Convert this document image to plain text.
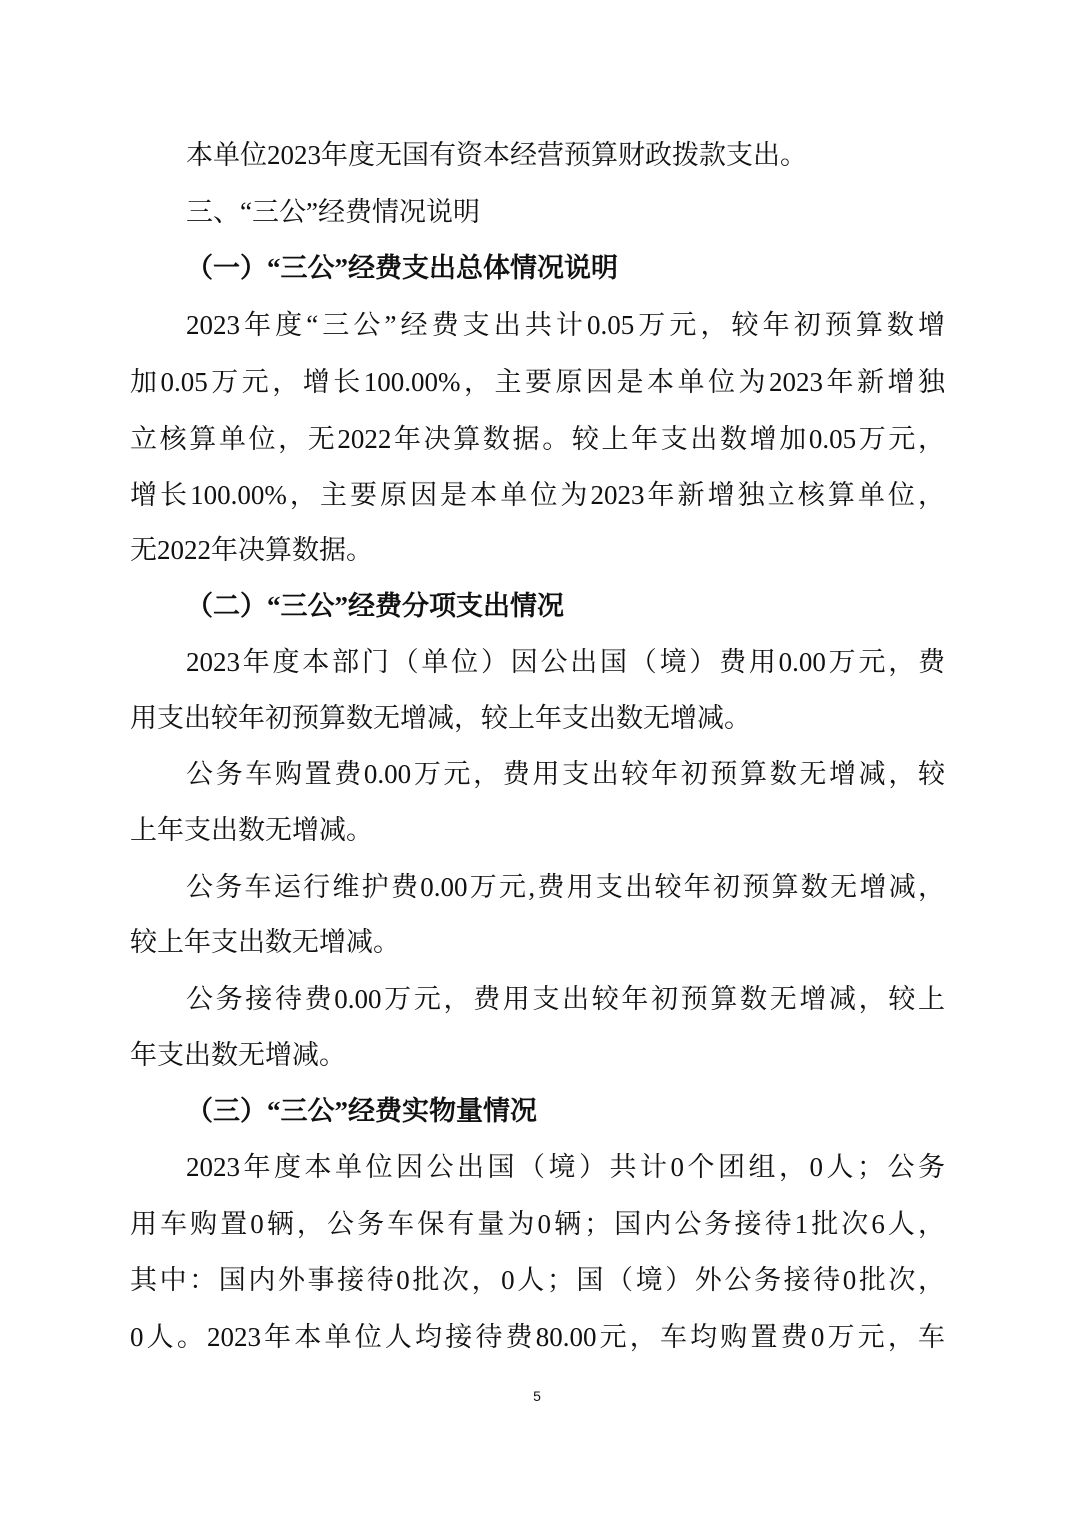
本单位2023年度无国有资本经营预算财政拨款支出。
三、“三公”经费情况说明
（一）“三公”经费支出总体情况说明
2023年度“三公”经费支出共计0.05万元，较年初预算数增
加0.05万元，增长100.00%，主要原因是本单位为2023年新增独
立核算单位，无2022年决算数据。较上年支出数增加0.05万元，
增长100.00%，主要原因是本单位为2023年新增独立核算单位，
无2022年决算数据。
（二）“三公”经费分项支出情况
2023年度本部门（单位）因公出国（境）费用0.00万元，费
用支出较年初预算数无增减，较上年支出数无增减。
公务车购置费0.00万元，费用支出较年初预算数无增减，较
上年支出数无增减。
公务车运行维护费0.00万元,费用支出较年初预算数无增减，
较上年支出数无增减。
公务接待费0.00万元，费用支出较年初预算数无增减，较上
年支出数无增减。
（三）“三公”经费实物量情况
2023年度本单位因公出国（境）共计0个团组，0人；公务
用车购置0辆，公务车保有量为0辆；国内公务接待1批次6人，
其中：国内外事接待0批次，0人；国（境）外公务接待0批次，
0人。2023年本单位人均接待费80.00元，车均购置费0万元，车
5
